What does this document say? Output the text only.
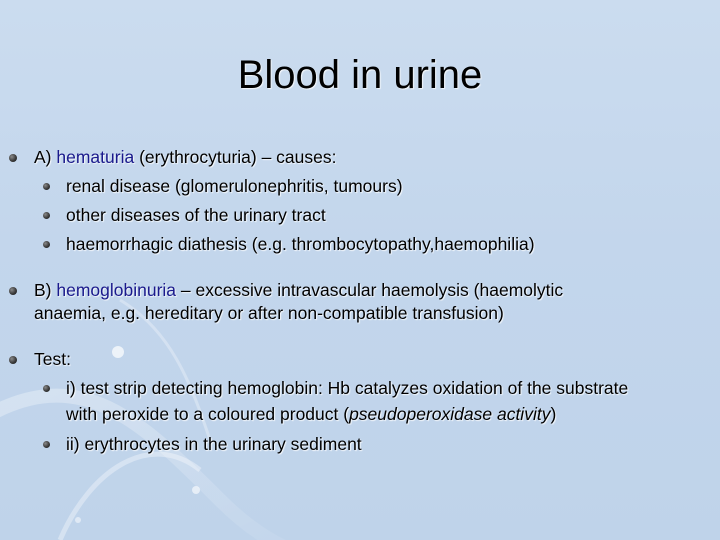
Blood in urine
A) hematuria (erythrocyturia) – causes:
renal disease (glomerulonephritis, tumours)
other diseases of the urinary tract
haemorrhagic diathesis (e.g. thrombocytopathy,haemophilia)
B) hemoglobinuria – excessive intravascular haemolysis (haemolytic
anaemia, e.g. hereditary or after non-compatible transfusion)
Test:
i) test strip detecting hemoglobin: Hb catalyzes oxidation of the substrate
with peroxide to a coloured product (pseudoperoxidase activity)
ii) erythrocytes in the urinary sediment
